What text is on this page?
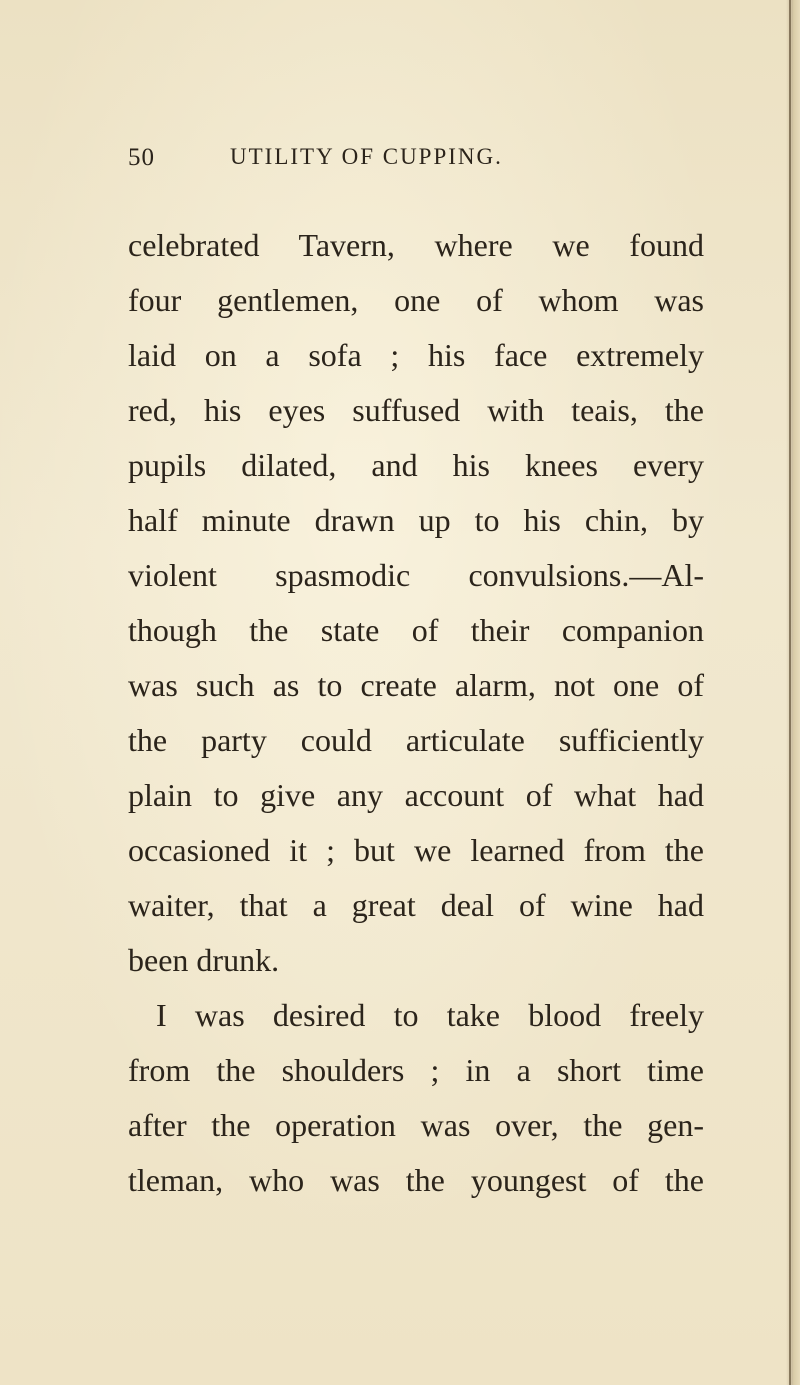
50	UTILITY OF CUPPING.
celebrated Tavern, where we found
four gentlemen, one of whom was
laid on a sofa ; his face extremely
red, his eyes suffused with teais, the
pupils dilated, and his knees every
half minute drawn up to his chin, by
violent spasmodic convulsions.—Al-
though the state of their companion
was such as to create alarm, not one of
the party could articulate sufficiently
plain to give any account of what had
occasioned it ; but we learned from the
waiter, that a great deal of wine had
been drunk.
I was desired to take blood freely
from the shoulders ; in a short time
after the operation was over, the gen-
tleman, who was the youngest of the
